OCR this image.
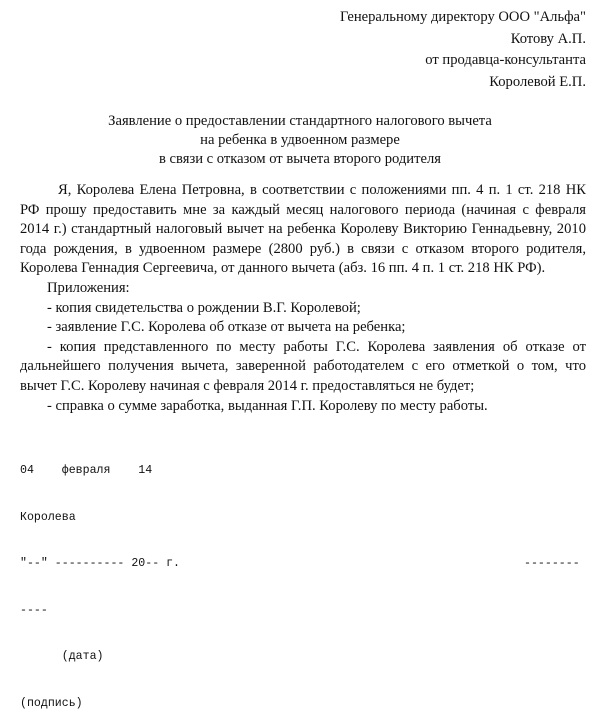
Генеральному директору ООО "Альфа"
Котову А.П.
от продавца-консультанта
Королевой Е.П.
Заявление о предоставлении стандартного налогового вычета
на ребенка в удвоенном размере
в связи с отказом от вычета второго родителя

Я, Королева Елена Петровна, в соответствии с положениями пп. 4 п. 1 ст. 218 НК РФ прошу предоставить мне за каждый месяц налогового периода (начиная с февраля 2014 г.) стандартный налоговый вычет на ребенка Королеву Викторию Геннадьевну, 2010 года рождения, в удвоенном размере (2800 руб.) в связи с отказом второго родителя, Королева Геннадия Сергеевича, от данного вычета (абз. 16 пп. 4 п. 1 ст. 218 НК РФ).

Приложения:

- копия свидетельства о рождении В.Г. Королевой;

- заявление Г.С. Королева об отказе от вычета на ребенка;

- копия представленного по месту работы Г.С. Королева заявления об отказе от дальнейшего получения вычета, заверенной работодателем с его отметкой о том, что вычет Г.С. Королеву начиная с февраля 2014 г. предоставляться не будет;

- справка о сумме заработка, выданная Г.П. Королеву по месту работы.

04    февраля    14

Королева

"--" ---------- 20-- г.	--------

----

(дата)

(подпись)
